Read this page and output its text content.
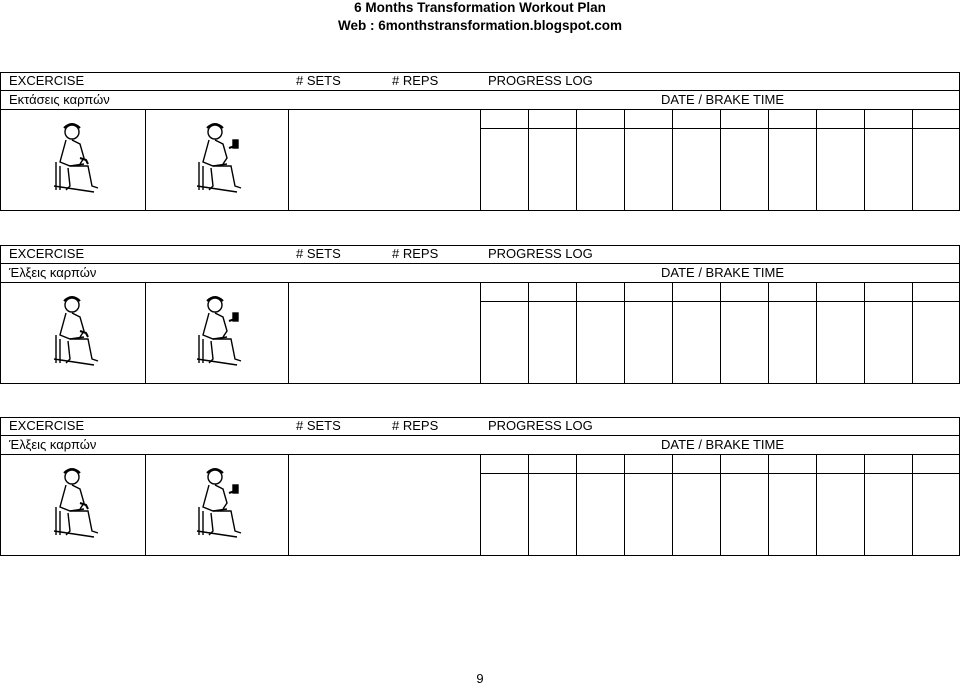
6 Months Transformation Workout Plan
Web : 6monthstransformation.blogspot.com
EXCERCISE	# SETS	# REPS	PROGRESS LOG
Εκτάσεις καρπών	DATE / BRAKE TIME
EXCERCISE	# SETS	# REPS	PROGRESS LOG
Έλξεις καρπών	DATE / BRAKE TIME
EXCERCISE	# SETS	# REPS	PROGRESS LOG
Έλξεις καρπών	DATE / BRAKE TIME
9
